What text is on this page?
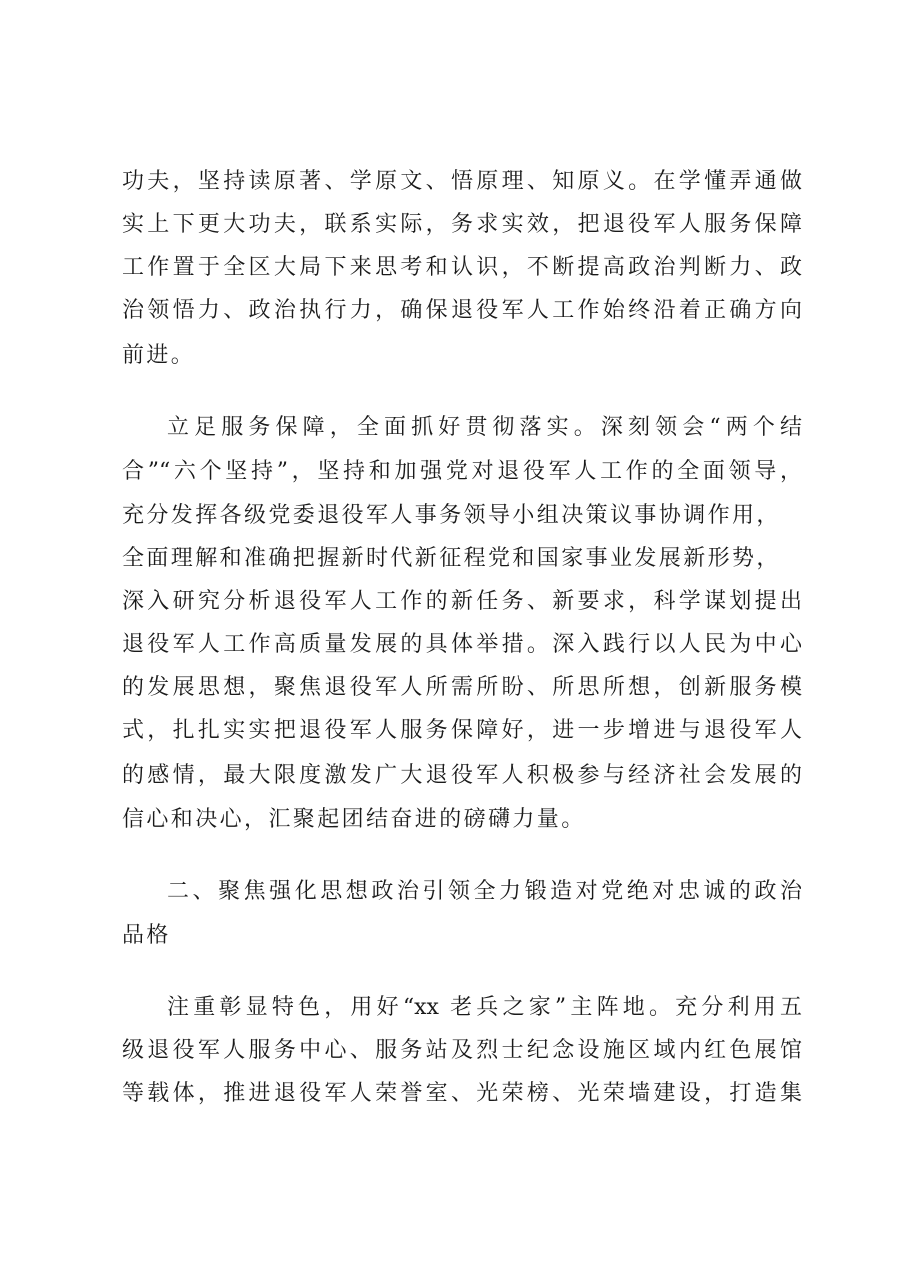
功夫，坚持读原著、学原文、悟原理、知原义。在学懂弄通做
实上下更大功夫，联系实际，务求实效，把退役军人服务保障
工作置于全区大局下来思考和认识，不断提高政治判断力、政
治领悟力、政治执行力，确保退役军人工作始终沿着正确方向
前进。
立足服务保障，全面抓好贯彻落实。深刻领会“两个结
合”“六个坚持”，坚持和加强党对退役军人工作的全面领导，
充分发挥各级党委退役军人事务领导小组决策议事协调作用，
全面理解和准确把握新时代新征程党和国家事业发展新形势，
深入研究分析退役军人工作的新任务、新要求，科学谋划提出
退役军人工作高质量发展的具体举措。深入践行以人民为中心
的发展思想，聚焦退役军人所需所盼、所思所想，创新服务模
式，扎扎实实把退役军人服务保障好，进一步增进与退役军人
的感情，最大限度激发广大退役军人积极参与经济社会发展的
信心和决心，汇聚起团结奋进的磅礴力量。
二、聚焦强化思想政治引领全力锻造对党绝对忠诚的政治
品格
注重彰显特色，用好“xx 老兵之家”主阵地。充分利用五
级退役军人服务中心、服务站及烈士纪念设施区域内红色展馆
等载体，推进退役军人荣誉室、光荣榜、光荣墙建设，打造集
